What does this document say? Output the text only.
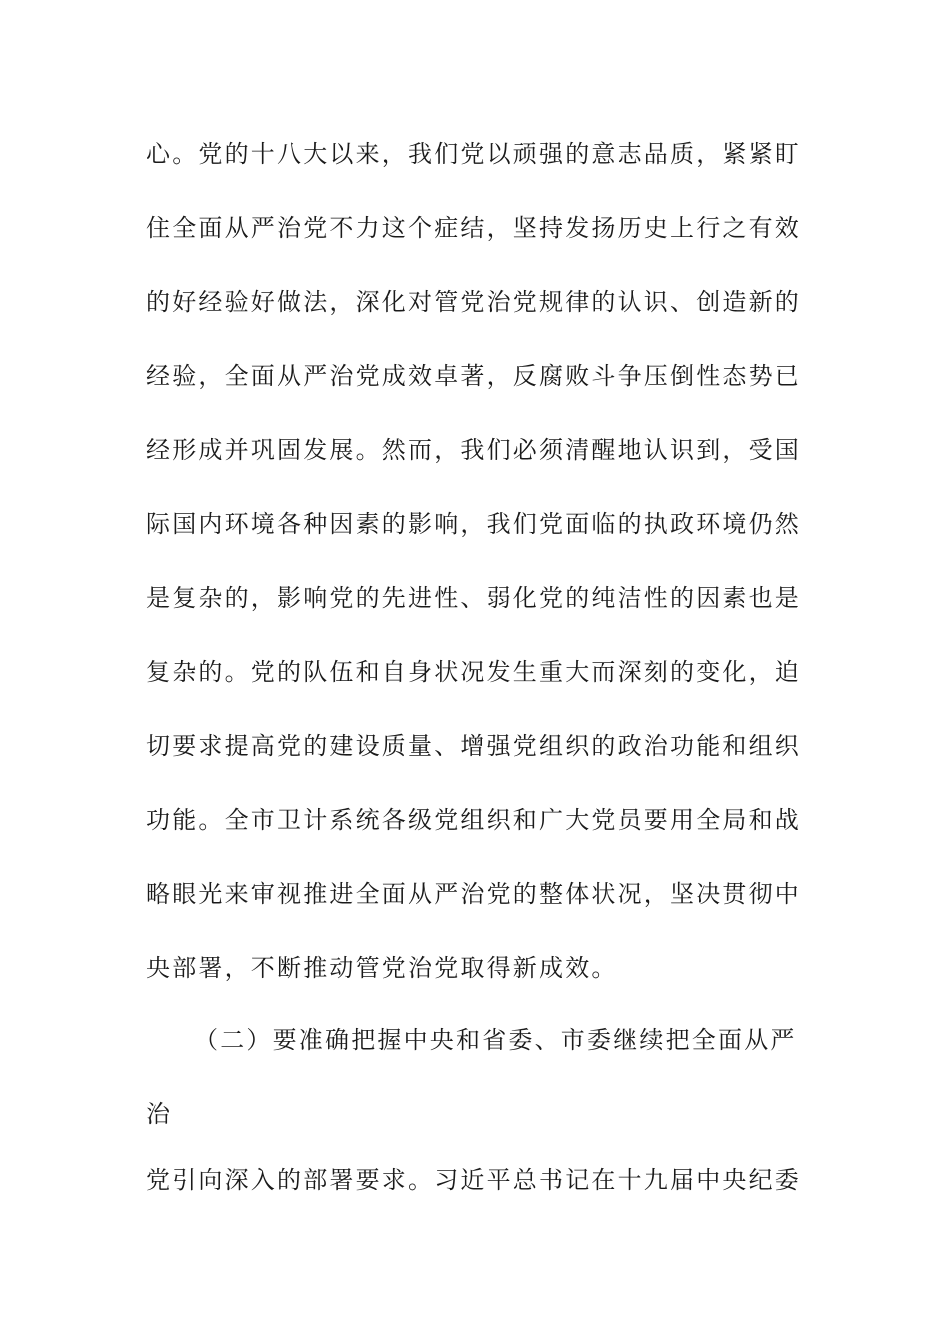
心。党的十八大以来，我们党以顽强的意志品质，紧紧盯
住全面从严治党不力这个症结，坚持发扬历史上行之有效
的好经验好做法，深化对管党治党规律的认识、创造新的
经验，全面从严治党成效卓著，反腐败斗争压倒性态势已
经形成并巩固发展。然而，我们必须清醒地认识到，受国
际国内环境各种因素的影响，我们党面临的执政环境仍然
是复杂的，影响党的先进性、弱化党的纯洁性的因素也是
复杂的。党的队伍和自身状况发生重大而深刻的变化，迫
切要求提高党的建设质量、增强党组织的政治功能和组织
功能。全市卫计系统各级党组织和广大党员要用全局和战
略眼光来审视推进全面从严治党的整体状况，坚决贯彻中
央部署，不断推动管党治党取得新成效。
（二）要准确把握中央和省委、市委继续把全面从严
治
党引向深入的部署要求。习近平总书记在十九届中央纪委
